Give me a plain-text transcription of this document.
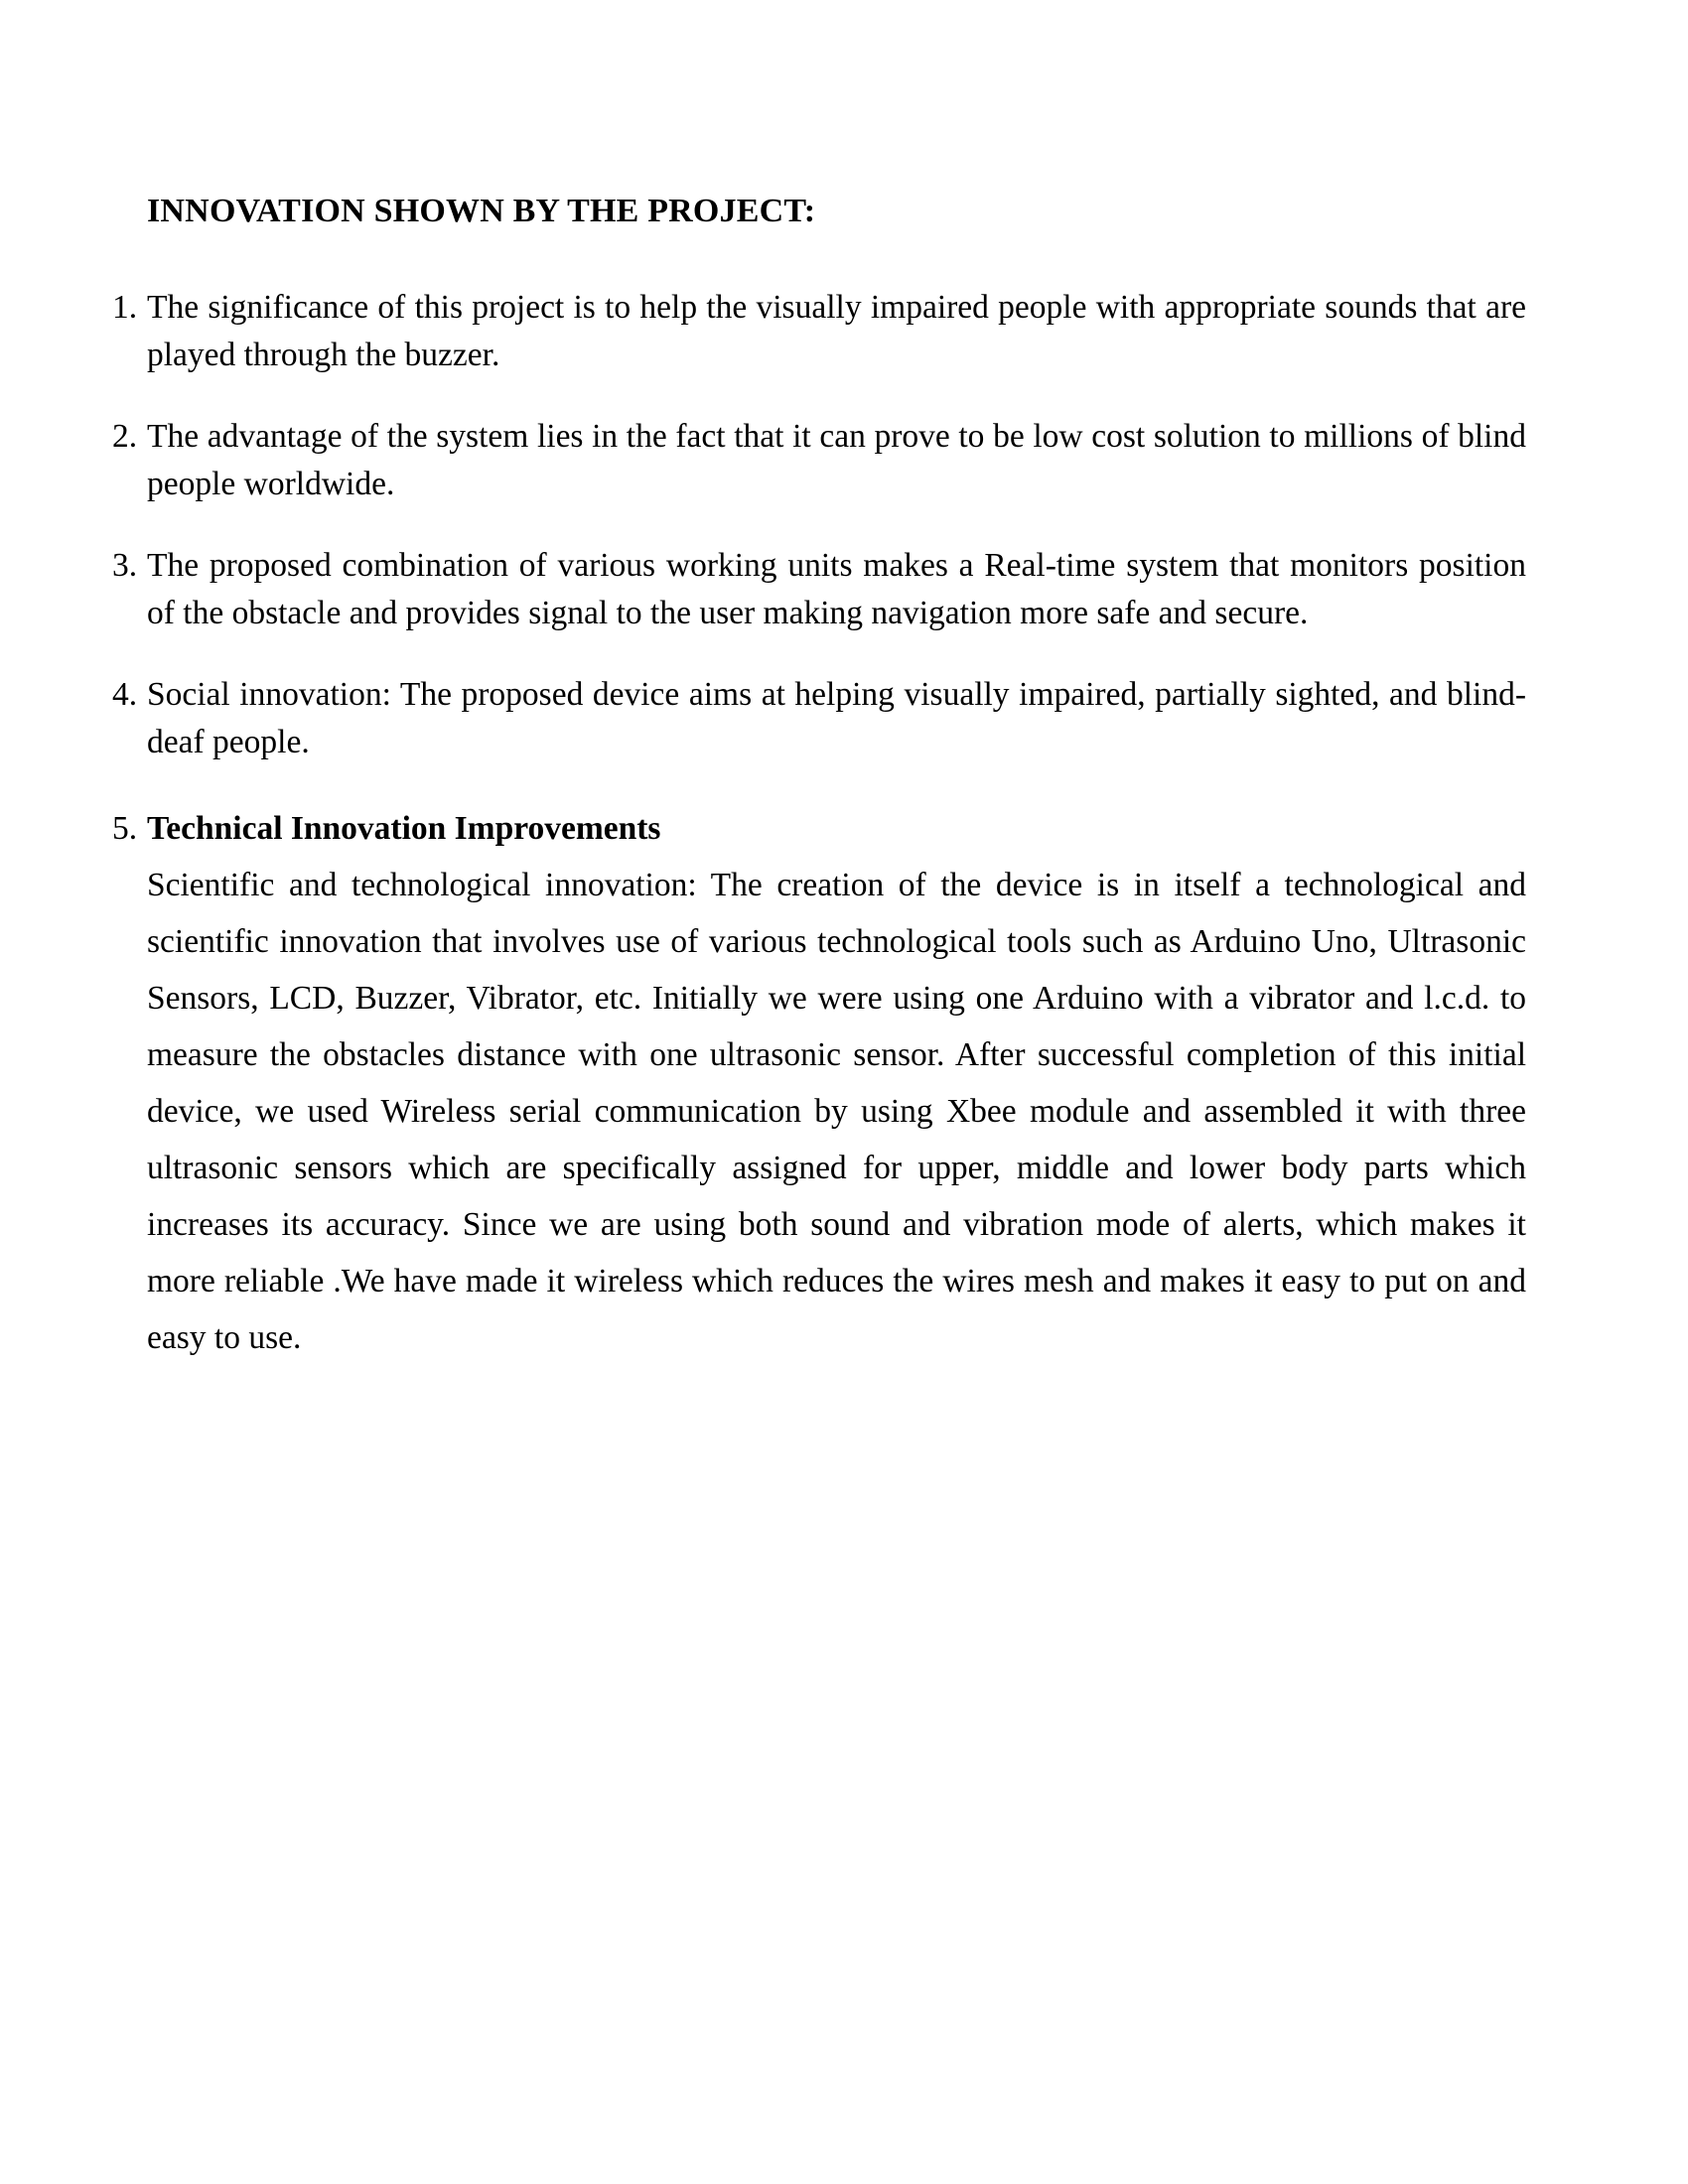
INNOVATION SHOWN BY THE PROJECT:
1. The significance of this project is to help the visually impaired people with appropriate sounds that are played through the buzzer.
2. The advantage of the system lies in the fact that it can prove to be low cost solution to millions of blind people worldwide.
3. The proposed combination of various working units makes a Real-time system that monitors position of the obstacle and provides signal to the user making navigation more safe and secure.
4. Social innovation: The proposed device aims at helping visually impaired, partially sighted, and blind-deaf people.
5. Technical Innovation Improvements
Scientific and technological innovation: The creation of the device is in itself a technological and scientific innovation that involves use of various technological tools such as Arduino Uno, Ultrasonic Sensors, LCD, Buzzer, Vibrator, etc. Initially we were using one Arduino with a vibrator and l.c.d. to measure the obstacles distance with one ultrasonic sensor. After successful completion of this initial device, we used Wireless serial communication by using Xbee module and assembled it with three ultrasonic sensors which are specifically assigned for upper, middle and lower body parts which increases its accuracy. Since we are using both sound and vibration mode of alerts, which makes it more reliable .We have made it wireless which reduces the wires mesh and makes it easy to put on and easy to use.
